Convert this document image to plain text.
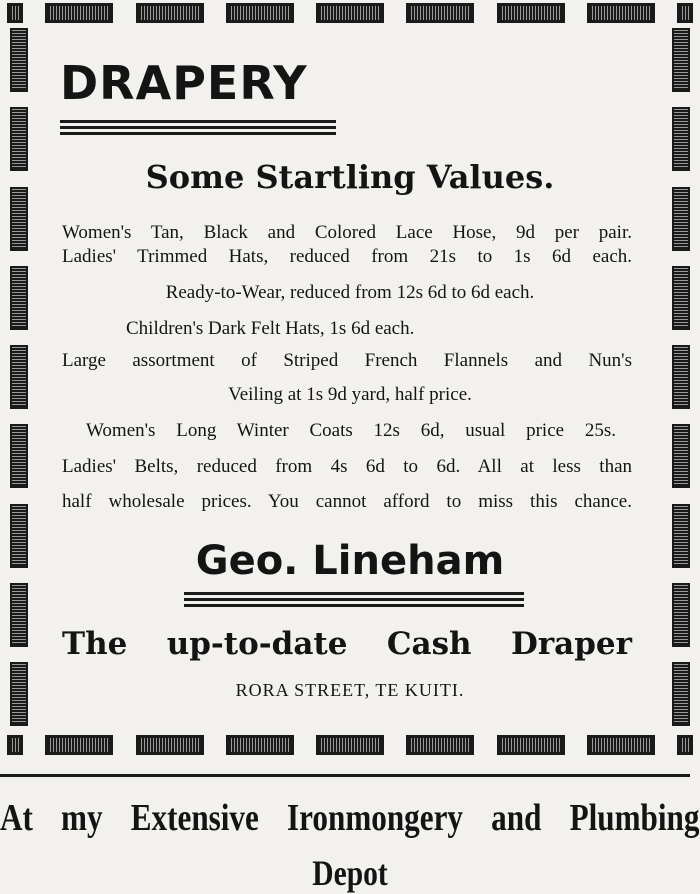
DRAPERY
Some Startling Values.
Women's Tan, Black and Colored Lace Hose, 9d per pair.
Ladies' Trimmed Hats, reduced from 21s to 1s 6d each.
Ready-to-Wear, reduced from 12s 6d to 6d each.
Children's Dark Felt Hats, 1s 6d each.
Large assortment of Striped French Flannels and Nun's
Veiling at 1s 9d yard, half price.
Women's Long Winter Coats 12s 6d, usual price 25s.
Ladies' Belts, reduced from 4s 6d to 6d. All at less than
half wholesale prices. You cannot afford to miss this chance.
Geo. Lineham
The up-to-date Cash Draper
RORA STREET, TE KUITI.
At my Extensive Ironmongery and Plumbing
Depot
